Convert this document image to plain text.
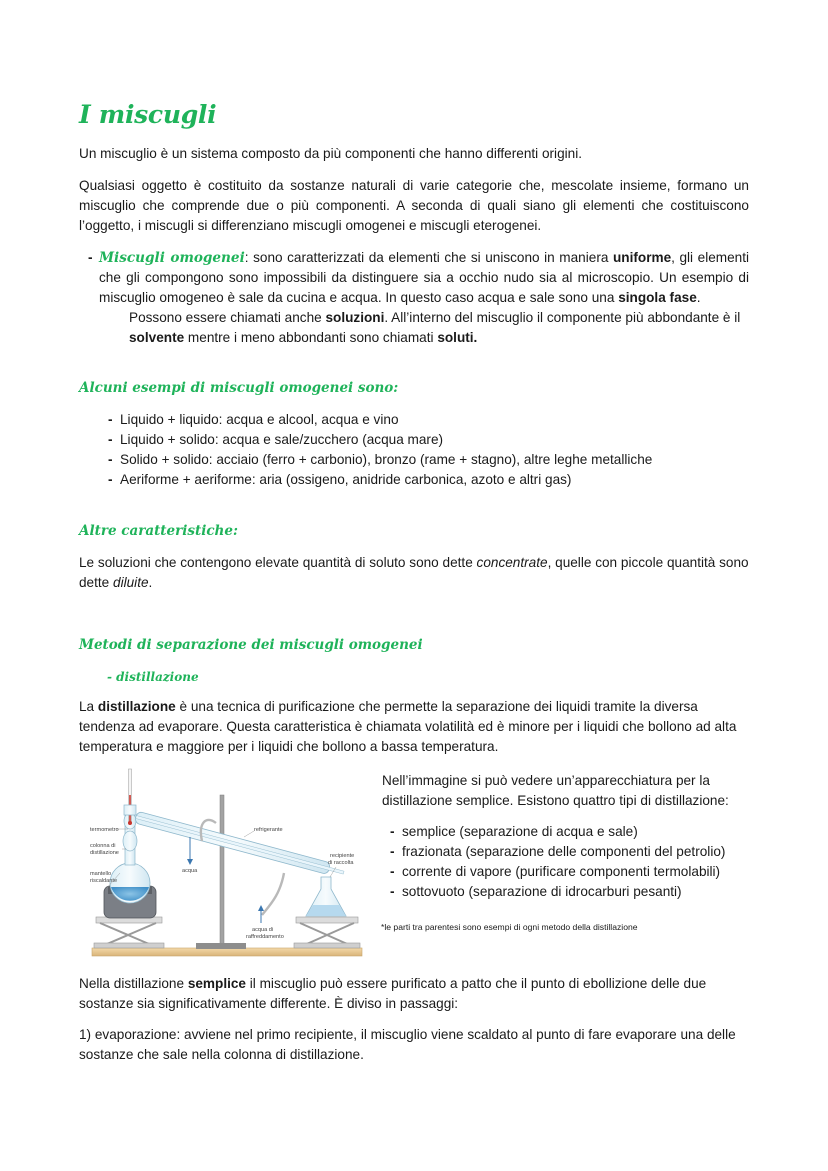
I miscugli

Un miscuglio è un sistema composto da più componenti che hanno differenti origini.

Qualsiasi oggetto è costituito da sostanze naturali di varie categorie che, mescolate insieme, formano un miscuglio che comprende due o più componenti. A seconda di quali siano gli elementi che costituiscono l’oggetto, i miscugli si differenziano miscugli omogenei e miscugli eterogenei.

- Miscugli omogenei: sono caratterizzati da elementi che si uniscono in maniera uniforme, gli elementi che gli compongono sono impossibili da distinguere sia a occhio nudo sia al microscopio. Un esempio di miscuglio omogeneo è sale da cucina e acqua. In questo caso acqua e sale sono una singola fase.

Possono essere chiamati anche soluzioni. All’interno del miscuglio il componente più abbondante è il solvente mentre i meno abbondanti sono chiamati soluti.

Alcuni esempi di miscugli omogenei sono:
- Liquido + liquido: acqua e alcool, acqua e vino
- Liquido + solido: acqua e sale/zucchero (acqua mare)
- Solido + solido: acciaio (ferro + carbonio), bronzo (rame + stagno), altre leghe metalliche
- Aeriforme + aeriforme: aria (ossigeno, anidride carbonica, azoto e altri gas)
Altre caratteristiche:

Le soluzioni che contengono elevate quantità di soluto sono dette concentrate, quelle con piccole quantità sono dette diluite.

Metodi di separazione dei miscugli omogenei
- distillazione

La distillazione è una tecnica di purificazione che permette la separazione dei liquidi tramite la diversa tendenza ad evaporare. Questa caratteristica è chiamata volatilità ed è minore per i liquidi che bollono ad alta temperatura e maggiore per i liquidi che bollono a bassa temperatura.

termometro
colonna di
distillazione
mantello
riscaldante
refrigerante
acqua
recipiente
di raccolta
acqua di
raffreddamento

Nell’immagine si può vedere un’apparecchiatura per la distillazione semplice. Esistono quattro tipi di distillazione:

- semplice (separazione di acqua e sale)
- frazionata (separazione delle componenti del petrolio)
- corrente di vapore (purificare componenti termolabili)
- sottovuoto (separazione di idrocarburi pesanti)
*le parti tra parentesi sono esempi di ogni metodo della distillazione

Nella distillazione semplice il miscuglio può essere purificato a patto che il punto di ebollizione delle due sostanze sia significativamente differente. È diviso in passaggi:

1) evaporazione: avviene nel primo recipiente, il miscuglio viene scaldato al punto di fare evaporare una delle sostanze che sale nella colonna di distillazione.
